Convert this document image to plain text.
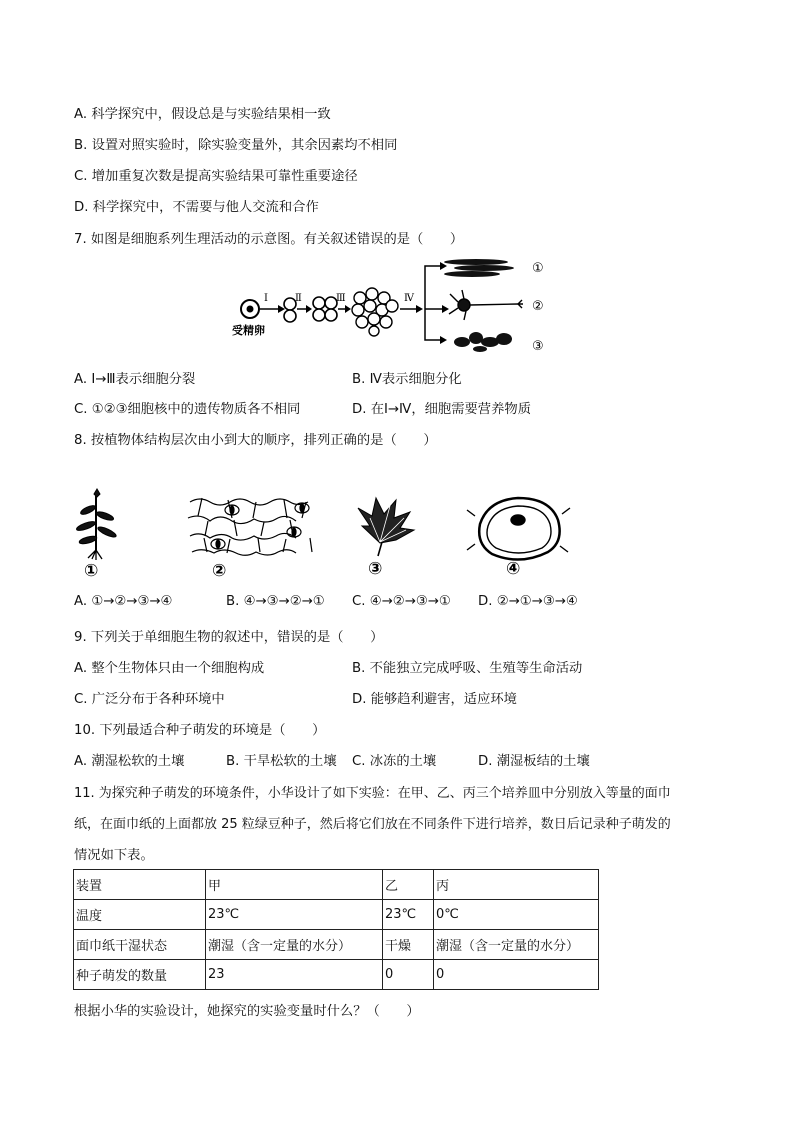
A. 科学探究中，假设总是与实验结果相一致
B. 设置对照实验时，除实验变量外，其余因素均不相同
C. 增加重复次数是提高实验结果可靠性重要途径
D. 科学探究中，不需要与他人交流和合作
7. 如图是细胞系列生理活动的示意图。有关叙述错误的是（　　）
受精卵
Ⅰ	Ⅱ	Ⅲ	Ⅳ
①
②
③
A. Ⅰ→Ⅲ表示细胞分裂	B. Ⅳ表示细胞分化
C. ①②③细胞核中的遗传物质各不相同	D. 在Ⅰ→Ⅳ，细胞需要营养物质
8. 按植物体结构层次由小到大的顺序，排列正确的是（　　）
①	②	③	④
A. ①→②→③→④	B. ④→③→②→① C. ④→②→③→① D. ②→①→③→④
9. 下列关于单细胞生物的叙述中，错误的是（　　）
A. 整个生物体只由一个细胞构成	B. 不能独立完成呼吸、生殖等生命活动
C. 广泛分布于各种环境中	D. 能够趋利避害，适应环境
10. 下列最适合种子萌发的环境是（　　）
A. 潮湿松软的土壤	B. 干旱松软的土壤 C. 冰冻的土壤	D. 潮湿板结的土壤
11. 为探究种子萌发的环境条件，小华设计了如下实验：在甲、乙、丙三个培养皿中分别放入等量的面巾
纸，在面巾纸的上面都放 25 粒绿豆种子，然后将它们放在不同条件下进行培养，数日后记录种子萌发的
情况如下表。
装置	甲	乙	丙
温度	23℃	23℃	0℃
面巾纸干湿状态	潮湿（含一定量的水分）	干燥	潮湿（含一定量的水分）
种子萌发的数量	23	0	0
根据小华的实验设计，她探究的实验变量时什么？（　　）
